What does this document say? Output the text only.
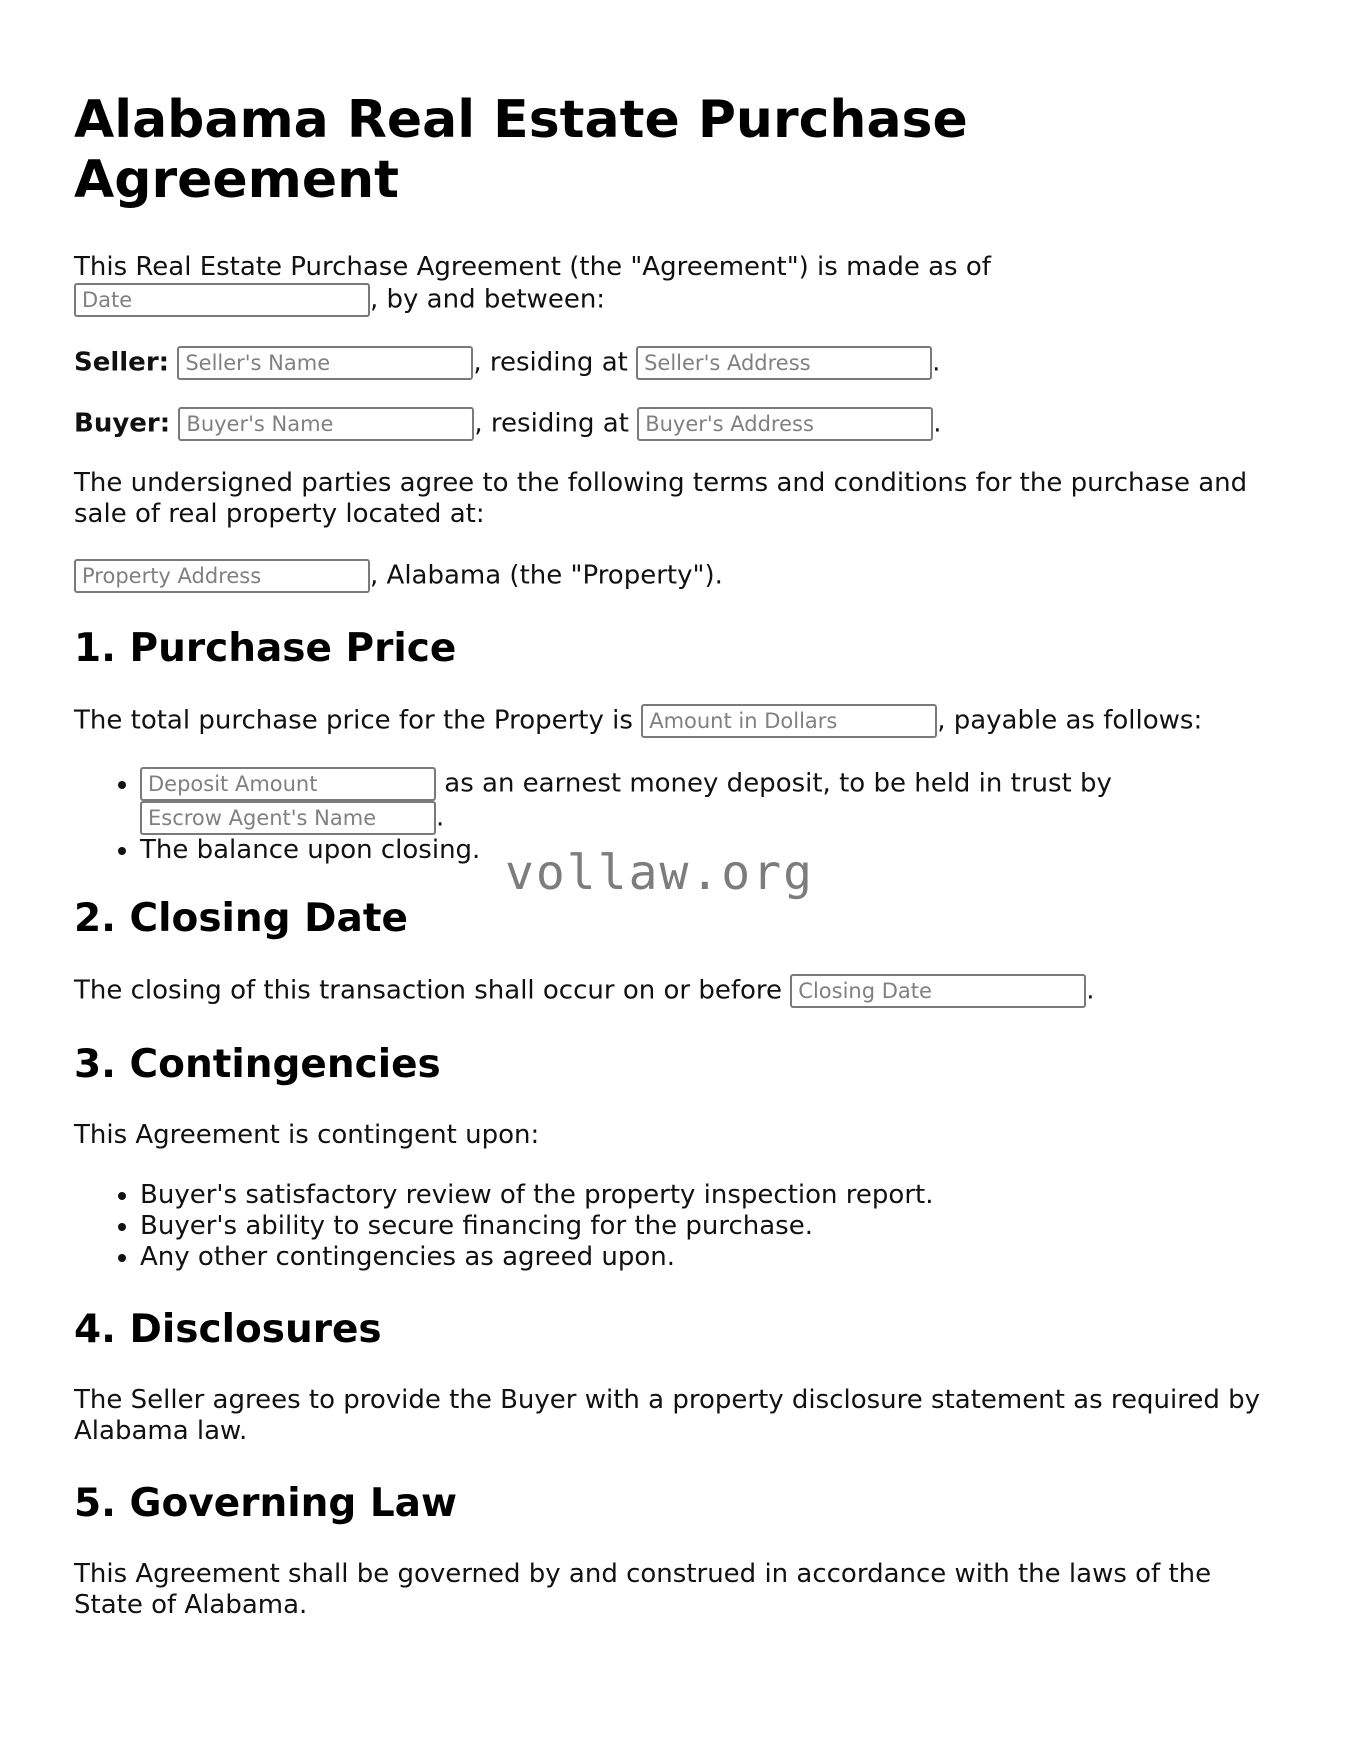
Alabama Real Estate Purchase Agreement

This Real Estate Purchase Agreement (the "Agreement") is made as of
Date, by and between:

Seller: Seller's Name	, residing at Seller's Address	.

Buyer: Buyer's Name	, residing at Buyer's Address	.

The undersigned parties agree to the following terms and conditions for the purchase and sale of real property located at:

Property Address, Alabama (the "Property").

1. Purchase Price

The total purchase price for the Property is Amount in Dollars	, payable as follows:

Deposit Amount • as an earnest money deposit, to be held in trust by
Escrow Agent's Name.
• The balance upon closing.
2. Closing Date

The closing of this transaction shall occur on or before Closing Date	.

3. Contingencies

This Agreement is contingent upon:

• Buyer's satisfactory review of the property inspection report.
• Buyer's ability to secure financing for the purchase.
• Any other contingencies as agreed upon.
4. Disclosures

The Seller agrees to provide the Buyer with a property disclosure statement as required by Alabama law.

5. Governing Law

This Agreement shall be governed by and construed in accordance with the laws of the State of Alabama.

vollaw.org
